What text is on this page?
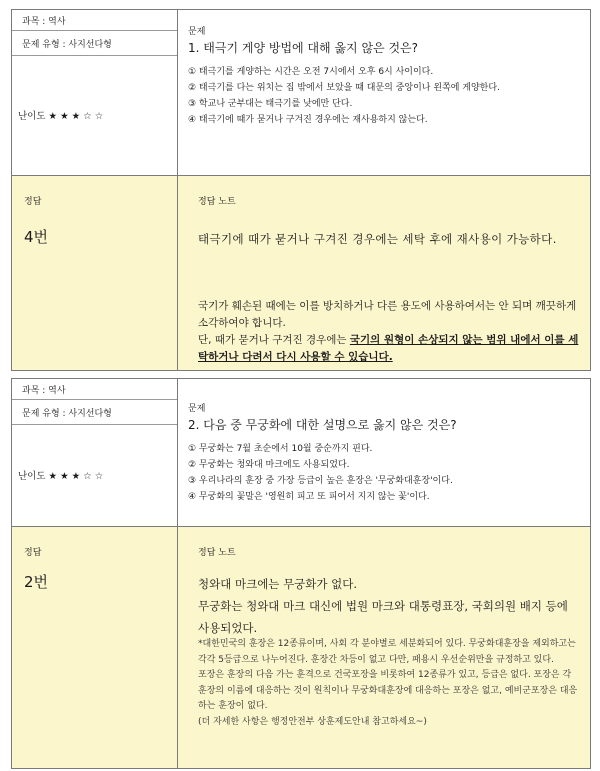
과목 : 역사
문제 유형 : 사지선다형
난이도 ★ ★ ★ ☆ ☆
문제
1. 태극기 게양 방법에 대해 옳지 않은 것은?
① 태극기를 게양하는 시간은 오전 7시에서 오후 6시 사이이다.
② 태극기를 다는 위치는 집 밖에서 보았을 때 대문의 중앙이나 왼쪽에 게양한다.
③ 학교나 군부대는 태극기를 낮에만 단다.
④ 태극기에 때가 묻거나 구겨진 경우에는 재사용하지 않는다.
정답
4번
정답 노트
태극기에 때가 묻거나 구겨진 경우에는 세탁 후에 재사용이 가능하다.
국기가 훼손된 때에는 이를 방치하거나 다른 용도에 사용하여서는 안 되며 깨끗하게 소각하여야 합니다.
단, 때가 묻거나 구겨진 경우에는 국기의 원형이 손상되지 않는 범위 내에서 이를 세탁하거나 다려서 다시 사용할 수 있습니다.
과목 : 역사
문제 유형 : 사지선다형
난이도 ★ ★ ★ ☆ ☆
문제
2. 다음 중 무궁화에 대한 설명으로 옳지 않은 것은?
① 무궁화는 7월 초순에서 10월 중순까지 핀다.
② 무궁화는 청와대 마크에도 사용되었다.
③ 우리나라의 훈장 중 가장 등급이 높은 훈장은 '무궁화대훈장'이다.
④ 무궁화의 꽃말은 '영원히 피고 또 피어서 지지 않는 꽃'이다.
정답
2번
정답 노트
청와대 마크에는 무궁화가 없다.
무궁화는 청와대 마크 대신에 법원 마크와 대통령표장, 국회의원 배지 등에 사용되었다.
*대한민국의 훈장은 12종류이며, 사회 각 분야별로 세분화되어 있다. 무궁화대훈장을 제외하고는 각각 5등급으로 나누어진다. 훈장간 차등이 없고 다만, 패용시 우선순위만을 규정하고 있다.
포장은 훈장의 다음 가는 훈격으로 건국포장을 비롯하여 12종류가 있고, 등급은 없다. 포장은 각 훈장의 이름에 대응하는 것이 원칙이나 무궁화대훈장에 대응하는 포장은 없고, 예비군포장은 대응하는 훈장이 없다.
(더 자세한 사항은 행정안전부 상훈제도안내 참고하세요~)
